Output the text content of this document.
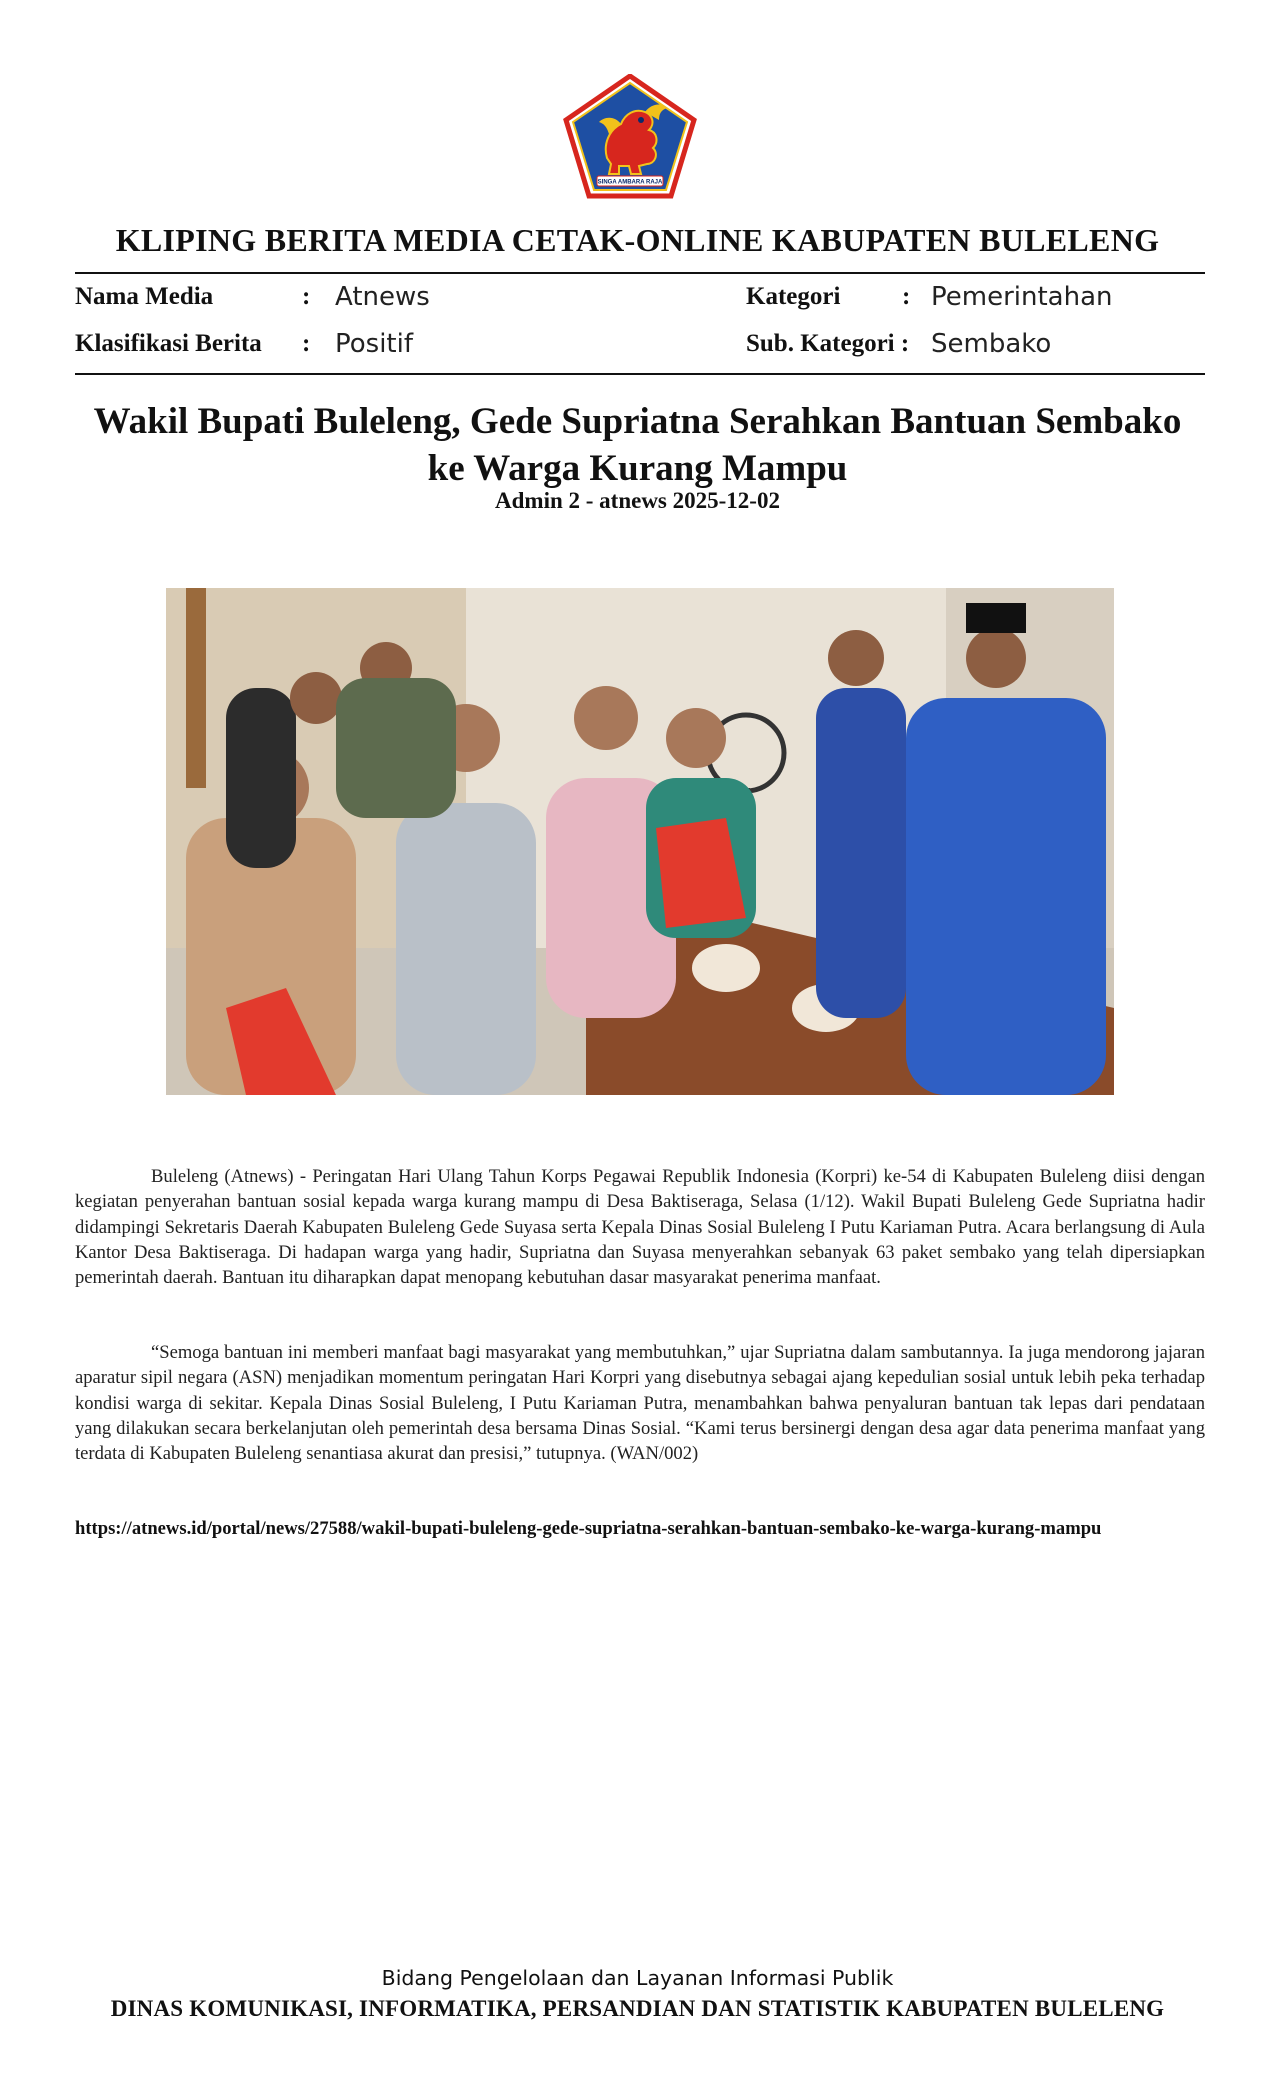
SINGA AMBARA RAJA
KLIPING BERITA MEDIA CETAK-ONLINE KABUPATEN BULELENG
Nama Media	: Atnews
Klasifikasi Berita : Positif
Kategori : Pemerintahan
Sub. Kategori : Sembako
Wakil Bupati Buleleng, Gede Supriatna Serahkan Bantuan Sembako ke Warga Kurang Mampu
Admin 2 - atnews 2025-12-02

Buleleng (Atnews) - Peringatan Hari Ulang Tahun Korps Pegawai Republik Indonesia (Korpri) ke-54 di Kabupaten Buleleng diisi dengan kegiatan penyerahan bantuan sosial kepada warga kurang mampu di Desa Baktiseraga, Selasa (1/12). Wakil Bupati Buleleng Gede Supriatna hadir didampingi Sekretaris Daerah Kabupaten Buleleng Gede Suyasa serta Kepala Dinas Sosial Buleleng I Putu Kariaman Putra. Acara berlangsung di Aula Kantor Desa Baktiseraga. Di hadapan warga yang hadir, Supriatna dan Suyasa menyerahkan sebanyak 63 paket sembako yang telah dipersiapkan pemerintah daerah. Bantuan itu diharapkan dapat menopang kebutuhan dasar masyarakat penerima manfaat.

“Semoga bantuan ini memberi manfaat bagi masyarakat yang membutuhkan,” ujar Supriatna dalam sambutannya. Ia juga mendorong jajaran aparatur sipil negara (ASN) menjadikan momentum peringatan Hari Korpri yang disebutnya sebagai ajang kepedulian sosial untuk lebih peka terhadap kondisi warga di sekitar. Kepala Dinas Sosial Buleleng, I Putu Kariaman Putra, menambahkan bahwa penyaluran bantuan tak lepas dari pendataan yang dilakukan secara berkelanjutan oleh pemerintah desa bersama Dinas Sosial. “Kami terus bersinergi dengan desa agar data penerima manfaat yang terdata di Kabupaten Buleleng senantiasa akurat dan presisi,” tutupnya. (WAN/002)

https://atnews.id/portal/news/27588/wakil-bupati-buleleng-gede-supriatna-serahkan-bantuan-sembako-ke-warga-kurang-mampu
Bidang Pengelolaan dan Layanan Informasi Publik
DINAS KOMUNIKASI, INFORMATIKA, PERSANDIAN DAN STATISTIK KABUPATEN BULELENG
